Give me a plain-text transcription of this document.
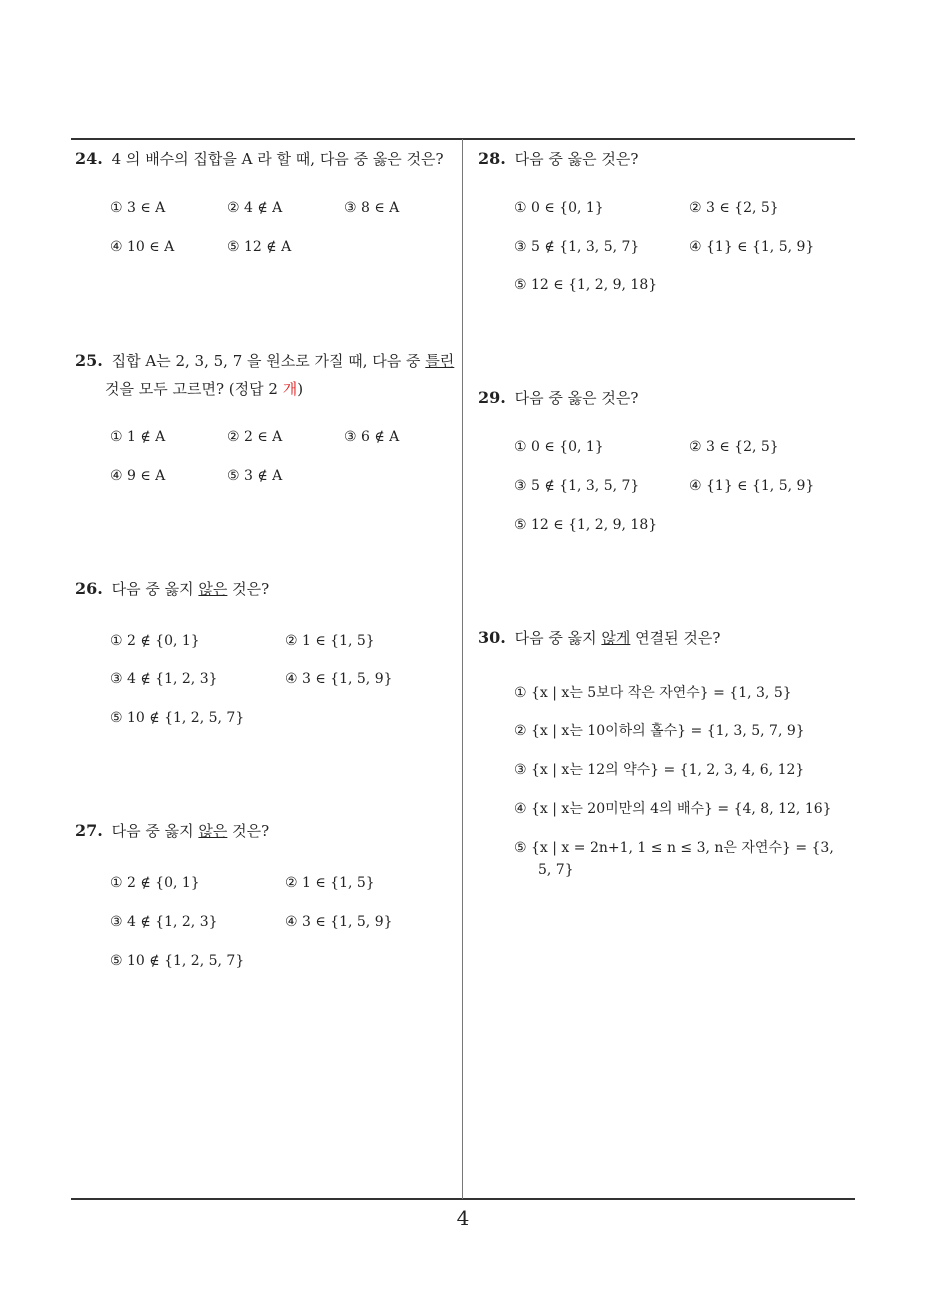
24. 4 의 배수의 집합을 A 라 할 때, 다음 중 옳은 것은?
① 3 ∈ A	② 4 ∉ A	③ 8 ∈ A
④ 10 ∈ A	⑤ 12 ∉ A
25. 집합 A는 2, 3, 5, 7 을 원소로 가질 때, 다음 중 틀린
것을 모두 고르면? (정답 2 개)
① 1 ∉ A	② 2 ∈ A	③ 6 ∉ A
④ 9 ∈ A	⑤ 3 ∉ A
26. 다음 중 옳지 않은 것은?
① 2 ∉ {0, 1}	② 1 ∈ {1, 5}
③ 4 ∉ {1, 2, 3}	④ 3 ∈ {1, 5, 9}
⑤ 10 ∉ {1, 2, 5, 7}
27. 다음 중 옳지 않은 것은?
① 2 ∉ {0, 1}	② 1 ∈ {1, 5}
③ 4 ∉ {1, 2, 3}	④ 3 ∈ {1, 5, 9}
⑤ 10 ∉ {1, 2, 5, 7}
28. 다음 중 옳은 것은?
① 0 ∈ {0, 1}	② 3 ∈ {2, 5}
③ 5 ∉ {1, 3, 5, 7}	④ {1} ∈ {1, 5, 9}
⑤ 12 ∈ {1, 2, 9, 18}
29. 다음 중 옳은 것은?
① 0 ∈ {0, 1}	② 3 ∈ {2, 5}
③ 5 ∉ {1, 3, 5, 7}	④ {1} ∈ {1, 5, 9}
⑤ 12 ∈ {1, 2, 9, 18}
30. 다음 중 옳지 않게 연결된 것은?
① {x | x는 5보다 작은 자연수} = {1, 3, 5}
② {x | x는 10이하의 홀수} = {1, 3, 5, 7, 9}
③ {x | x는 12의 약수} = {1, 2, 3, 4, 6, 12}
④ {x | x는 20미만의 4의 배수} = {4, 8, 12, 16}
⑤ {x | x = 2n+1, 1 ≤ n ≤ 3, n은 자연수} = {3,
5, 7}
4
